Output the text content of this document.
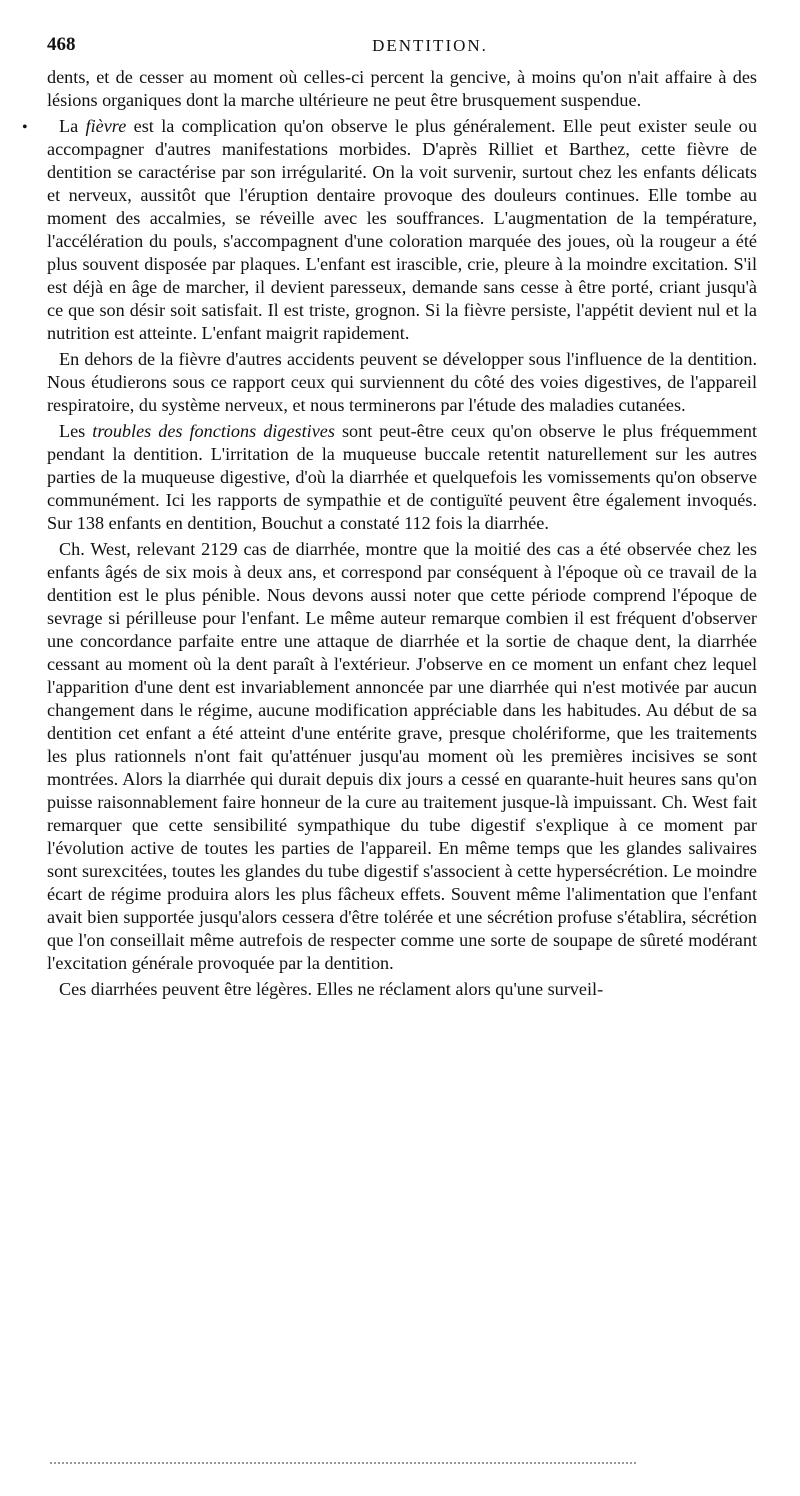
468	DENTITION.
•

dents, et de cesser au moment où celles-ci percent la gencive, à moins qu'on n'ait affaire à des lésions organiques dont la marche ultérieure ne peut être brusquement suspendue.

La fièvre est la complication qu'on observe le plus généralement. Elle peut exister seule ou accompagner d'autres manifestations morbides. D'après Rilliet et Barthez, cette fièvre de dentition se caractérise par son irrégularité. On la voit survenir, surtout chez les enfants délicats et nerveux, aussitôt que l'éruption dentaire provoque des douleurs continues. Elle tombe au moment des accalmies, se réveille avec les souffrances. L'augmentation de la température, l'accélération du pouls, s'accompagnent d'une coloration marquée des joues, où la rougeur a été plus souvent disposée par plaques. L'enfant est irascible, crie, pleure à la moindre excitation. S'il est déjà en âge de marcher, il devient paresseux, demande sans cesse à être porté, criant jusqu'à ce que son désir soit satisfait. Il est triste, grognon. Si la fièvre persiste, l'appétit devient nul et la nutrition est atteinte. L'enfant maigrit rapidement.

En dehors de la fièvre d'autres accidents peuvent se développer sous l'influence de la dentition. Nous étudierons sous ce rapport ceux qui surviennent du côté des voies digestives, de l'appareil respiratoire, du système nerveux, et nous terminerons par l'étude des maladies cutanées.

Les troubles des fonctions digestives sont peut-être ceux qu'on observe le plus fréquemment pendant la dentition. L'irritation de la muqueuse buccale retentit naturellement sur les autres parties de la muqueuse digestive, d'où la diarrhée et quelquefois les vomissements qu'on observe communément. Ici les rapports de sympathie et de contiguïté peuvent être également invoqués. Sur 138 enfants en dentition, Bouchut a constaté 112 fois la diarrhée.

Ch. West, relevant 2129 cas de diarrhée, montre que la moitié des cas a été observée chez les enfants âgés de six mois à deux ans, et correspond par conséquent à l'époque où ce travail de la dentition est le plus pénible. Nous devons aussi noter que cette période comprend l'époque de sevrage si périlleuse pour l'enfant. Le même auteur remarque combien il est fréquent d'observer une concordance parfaite entre une attaque de diarrhée et la sortie de chaque dent, la diarrhée cessant au moment où la dent paraît à l'extérieur. J'observe en ce moment un enfant chez lequel l'apparition d'une dent est invariablement annoncée par une diarrhée qui n'est motivée par aucun changement dans le régime, aucune modification appréciable dans les habitudes. Au début de sa dentition cet enfant a été atteint d'une entérite grave, presque cholériforme, que les traitements les plus rationnels n'ont fait qu'atténuer jusqu'au moment où les premières incisives se sont montrées. Alors la diarrhée qui durait depuis dix jours a cessé en quarante-huit heures sans qu'on puisse raisonnablement faire honneur de la cure au traitement jusque-là impuissant. Ch. West fait remarquer que cette sensibilité sympathique du tube digestif s'explique à ce moment par l'évolution active de toutes les parties de l'appareil. En même temps que les glandes salivaires sont surexcitées, toutes les glandes du tube digestif s'associent à cette hypersécrétion. Le moindre écart de régime produira alors les plus fâcheux effets. Souvent même l'alimentation que l'enfant avait bien supportée jusqu'alors cessera d'être tolérée et une sécrétion profuse s'établira, sécrétion que l'on conseillait même autrefois de respecter comme une sorte de soupape de sûreté modérant l'excitation générale provoquée par la dentition.

Ces diarrhées peuvent être légères. Elles ne réclament alors qu'une surveil-
